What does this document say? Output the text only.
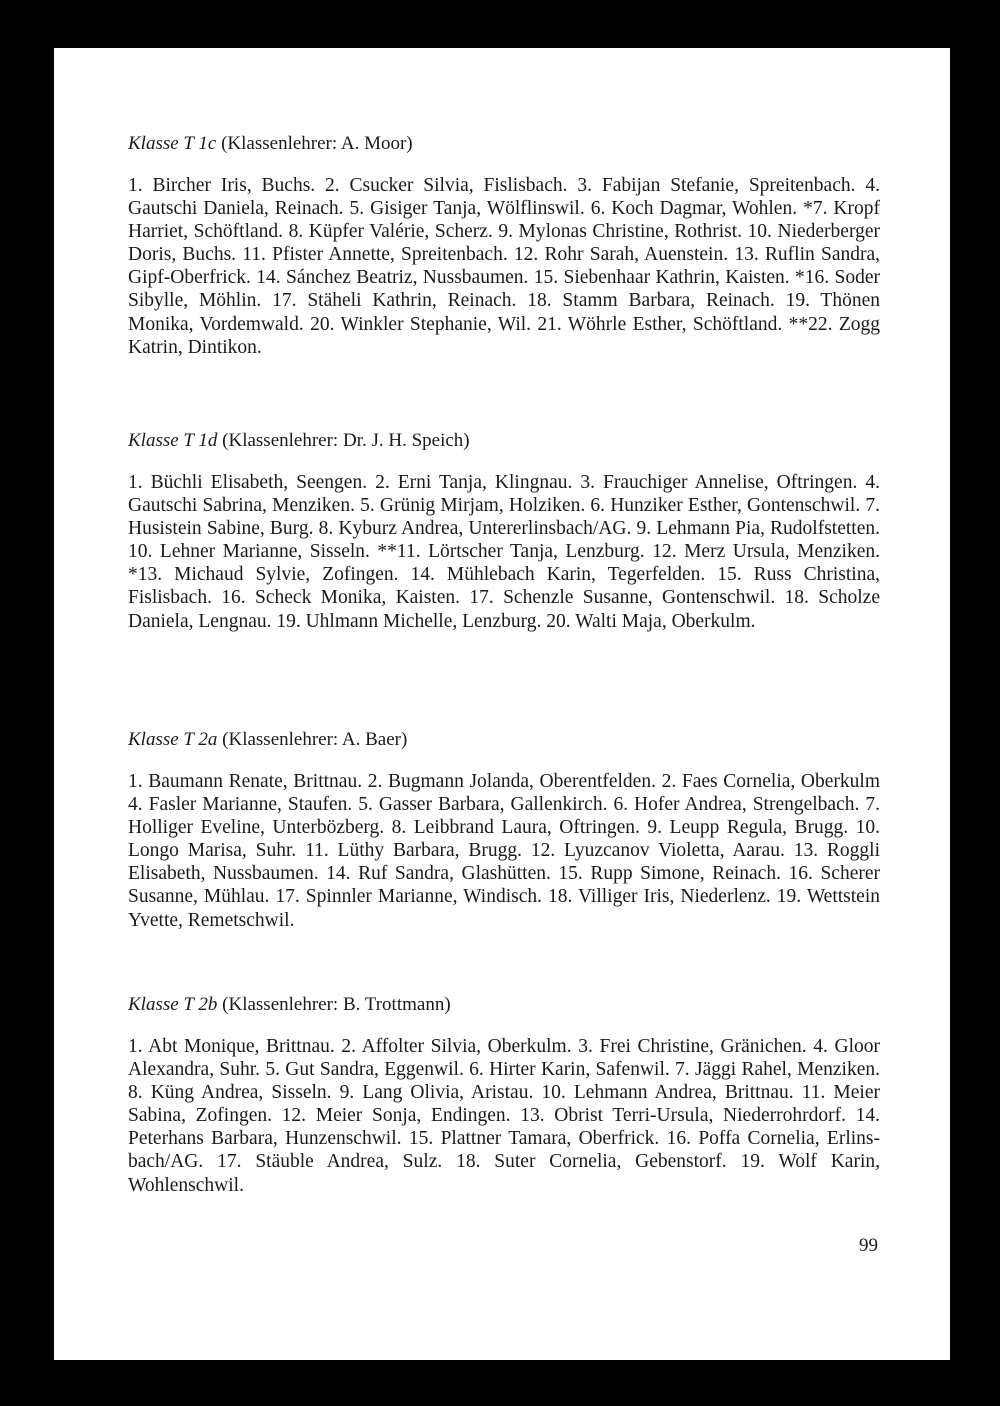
Klasse T 1c (Klassenlehrer: A. Moor)

1. Bircher Iris, Buchs. 2. Csucker Silvia, Fislisbach. 3. Fabijan Stefanie, Spreitenbach. 4. Gautschi Daniela, Reinach. 5. Gisiger Tanja, Wölflinswil. 6. Koch Dagmar, Wohlen. *7. Kropf Harriet, Schöftland. 8. Küpfer Valérie, Scherz. 9. Mylonas Christine, Rothrist. 10. Niederberger Doris, Buchs. 11. Pfister Annette, Spreitenbach. 12. Rohr Sarah, Auenstein. 13. Ruflin Sandra, Gipf-Oberfrick. 14. Sánchez Beatriz, Nussbaumen. 15. Siebenhaar Kathrin, Kaisten. *16. Soder Sibylle, Möhlin. 17. Stäheli Kathrin, Reinach. 18. Stamm Barbara, Reinach. 19. Thönen Monika, Vordemwald. 20. Winkler Stephanie, Wil. 21. Wöhrle Esther, Schöftland. **22. Zogg Katrin, Dintikon.

Klasse T 1d (Klassenlehrer: Dr. J. H. Speich)

1. Büchli Elisabeth, Seengen. 2. Erni Tanja, Klingnau. 3. Frauchiger Annelise, Oftringen. 4. Gautschi Sabrina, Menziken. 5. Grünig Mirjam, Holziken. 6. Hunziker Esther, Gontenschwil. 7. Husistein Sabine, Burg. 8. Kyburz Andrea, Untererlinsbach/AG. 9. Lehmann Pia, Rudolfstetten. 10. Lehner Marianne, Sisseln. **11. Lörtscher Tanja, Lenzburg. 12. Merz Ursula, Menziken. *13. Michaud Sylvie, Zofingen. 14. Mühlebach Karin, Tegerfelden. 15. Russ Christina, Fislisbach. 16. Scheck Monika, Kaisten. 17. Schenzle Susanne, Gontenschwil. 18. Scholze Daniela, Lengnau. 19. Uhlmann Michelle, Lenzburg. 20. Walti Maja, Oberkulm.

Klasse T 2a (Klassenlehrer: A. Baer)

1. Baumann Renate, Brittnau. 2. Bugmann Jolanda, Oberentfelden. 2. Faes Cornelia, Oberkulm 4. Fasler Marianne, Staufen. 5. Gasser Barbara, Gallenkirch. 6. Hofer Andrea, Strengelbach. 7. Holliger Eveline, Unterbözberg. 8. Leibbrand Laura, Oftringen. 9. Leupp Regula, Brugg. 10. Longo Marisa, Suhr. 11. Lüthy Barbara, Brugg. 12. Lyuzcanov Violetta, Aarau. 13. Roggli Elisabeth, Nussbaumen. 14. Ruf Sandra, Glashütten. 15. Rupp Simone, Reinach. 16. Scherer Susanne, Mühlau. 17. Spinnler Marianne, Windisch. 18. Villiger Iris, Niederlenz. 19. Wettstein Yvette, Remetschwil.

Klasse T 2b (Klassenlehrer: B. Trottmann)

1. Abt Monique, Brittnau. 2. Affolter Silvia, Oberkulm. 3. Frei Christine, Gränichen. 4. Gloor Alexandra, Suhr. 5. Gut Sandra, Eggenwil. 6. Hirter Karin, Safenwil. 7. Jäggi Rahel, Menziken. 8. Küng Andrea, Sisseln. 9. Lang Olivia, Aristau. 10. Lehmann Andrea, Brittnau. 11. Meier Sabina, Zofingen. 12. Meier Sonja, Endingen. 13. Obrist Terri-Ursula, Niederrohrdorf. 14. Peterhans Barbara, Hunzenschwil. 15. Plattner Tamara, Oberfrick. 16. Poffa Cornelia, Erlinsbach/AG. 17. Stäuble Andrea, Sulz. 18. Suter Cornelia, Gebenstorf. 19. Wolf Karin, Wohlenschwil.

99
